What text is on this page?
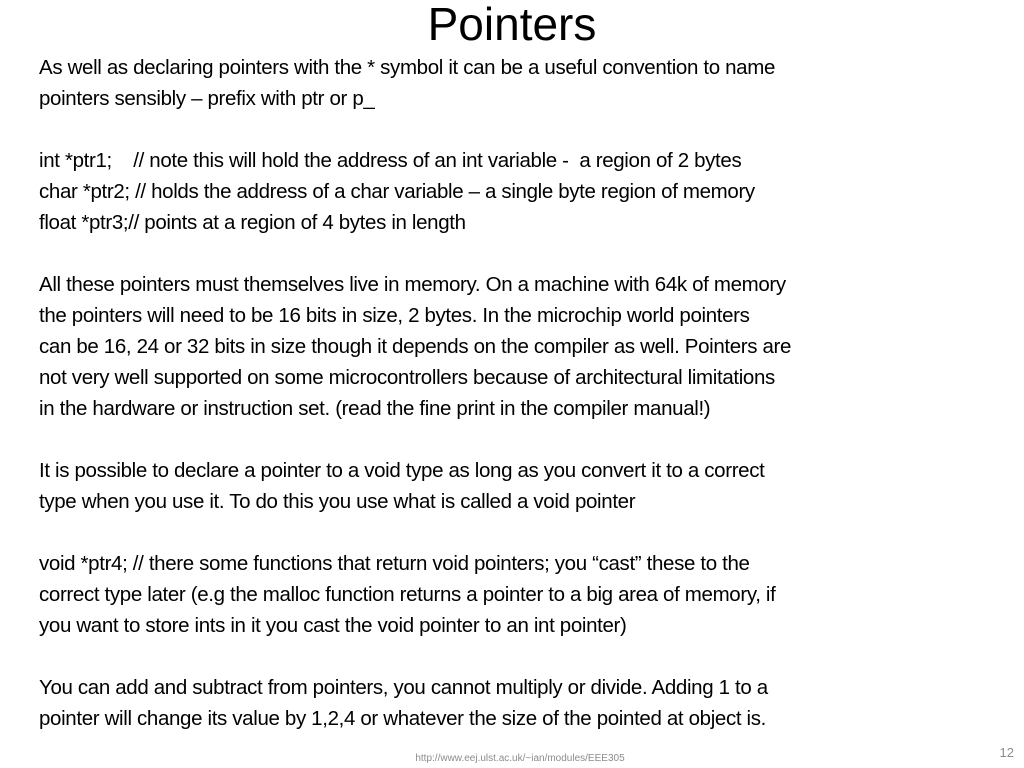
Pointers

As well as declaring pointers with the * symbol it can be a useful convention to name

pointers sensibly – prefix with ptr or p_

int *ptr1;    // note this will hold the address of an int variable -  a region of 2 bytes

char *ptr2; // holds the address of a char variable – a single byte region of memory

float *ptr3;// points at a region of 4 bytes in length

All these pointers must themselves live in memory. On a machine with 64k of memory

the pointers will need to be 16 bits in size, 2 bytes. In the microchip world pointers

can be 16, 24 or 32 bits in size though it depends on the compiler as well. Pointers are

not very well supported on some microcontrollers because of architectural limitations

in the hardware or instruction set. (read the fine print in the compiler manual!)

It is possible to declare a pointer to a void type as long as you convert it to a correct

type when you use it. To do this you use what is called a void pointer

void *ptr4; // there some functions that return void pointers; you “cast” these to the

correct type later (e.g the malloc function returns a pointer to a big area of memory, if

you want to store ints in it you cast the void pointer to an int pointer)

You can add and subtract from pointers, you cannot multiply or divide. Adding 1 to a

pointer will change its value by 1,2,4 or whatever the size of the pointed at object is.

http://www.eej.ulst.ac.uk/~ian/modules/EEE305	12
